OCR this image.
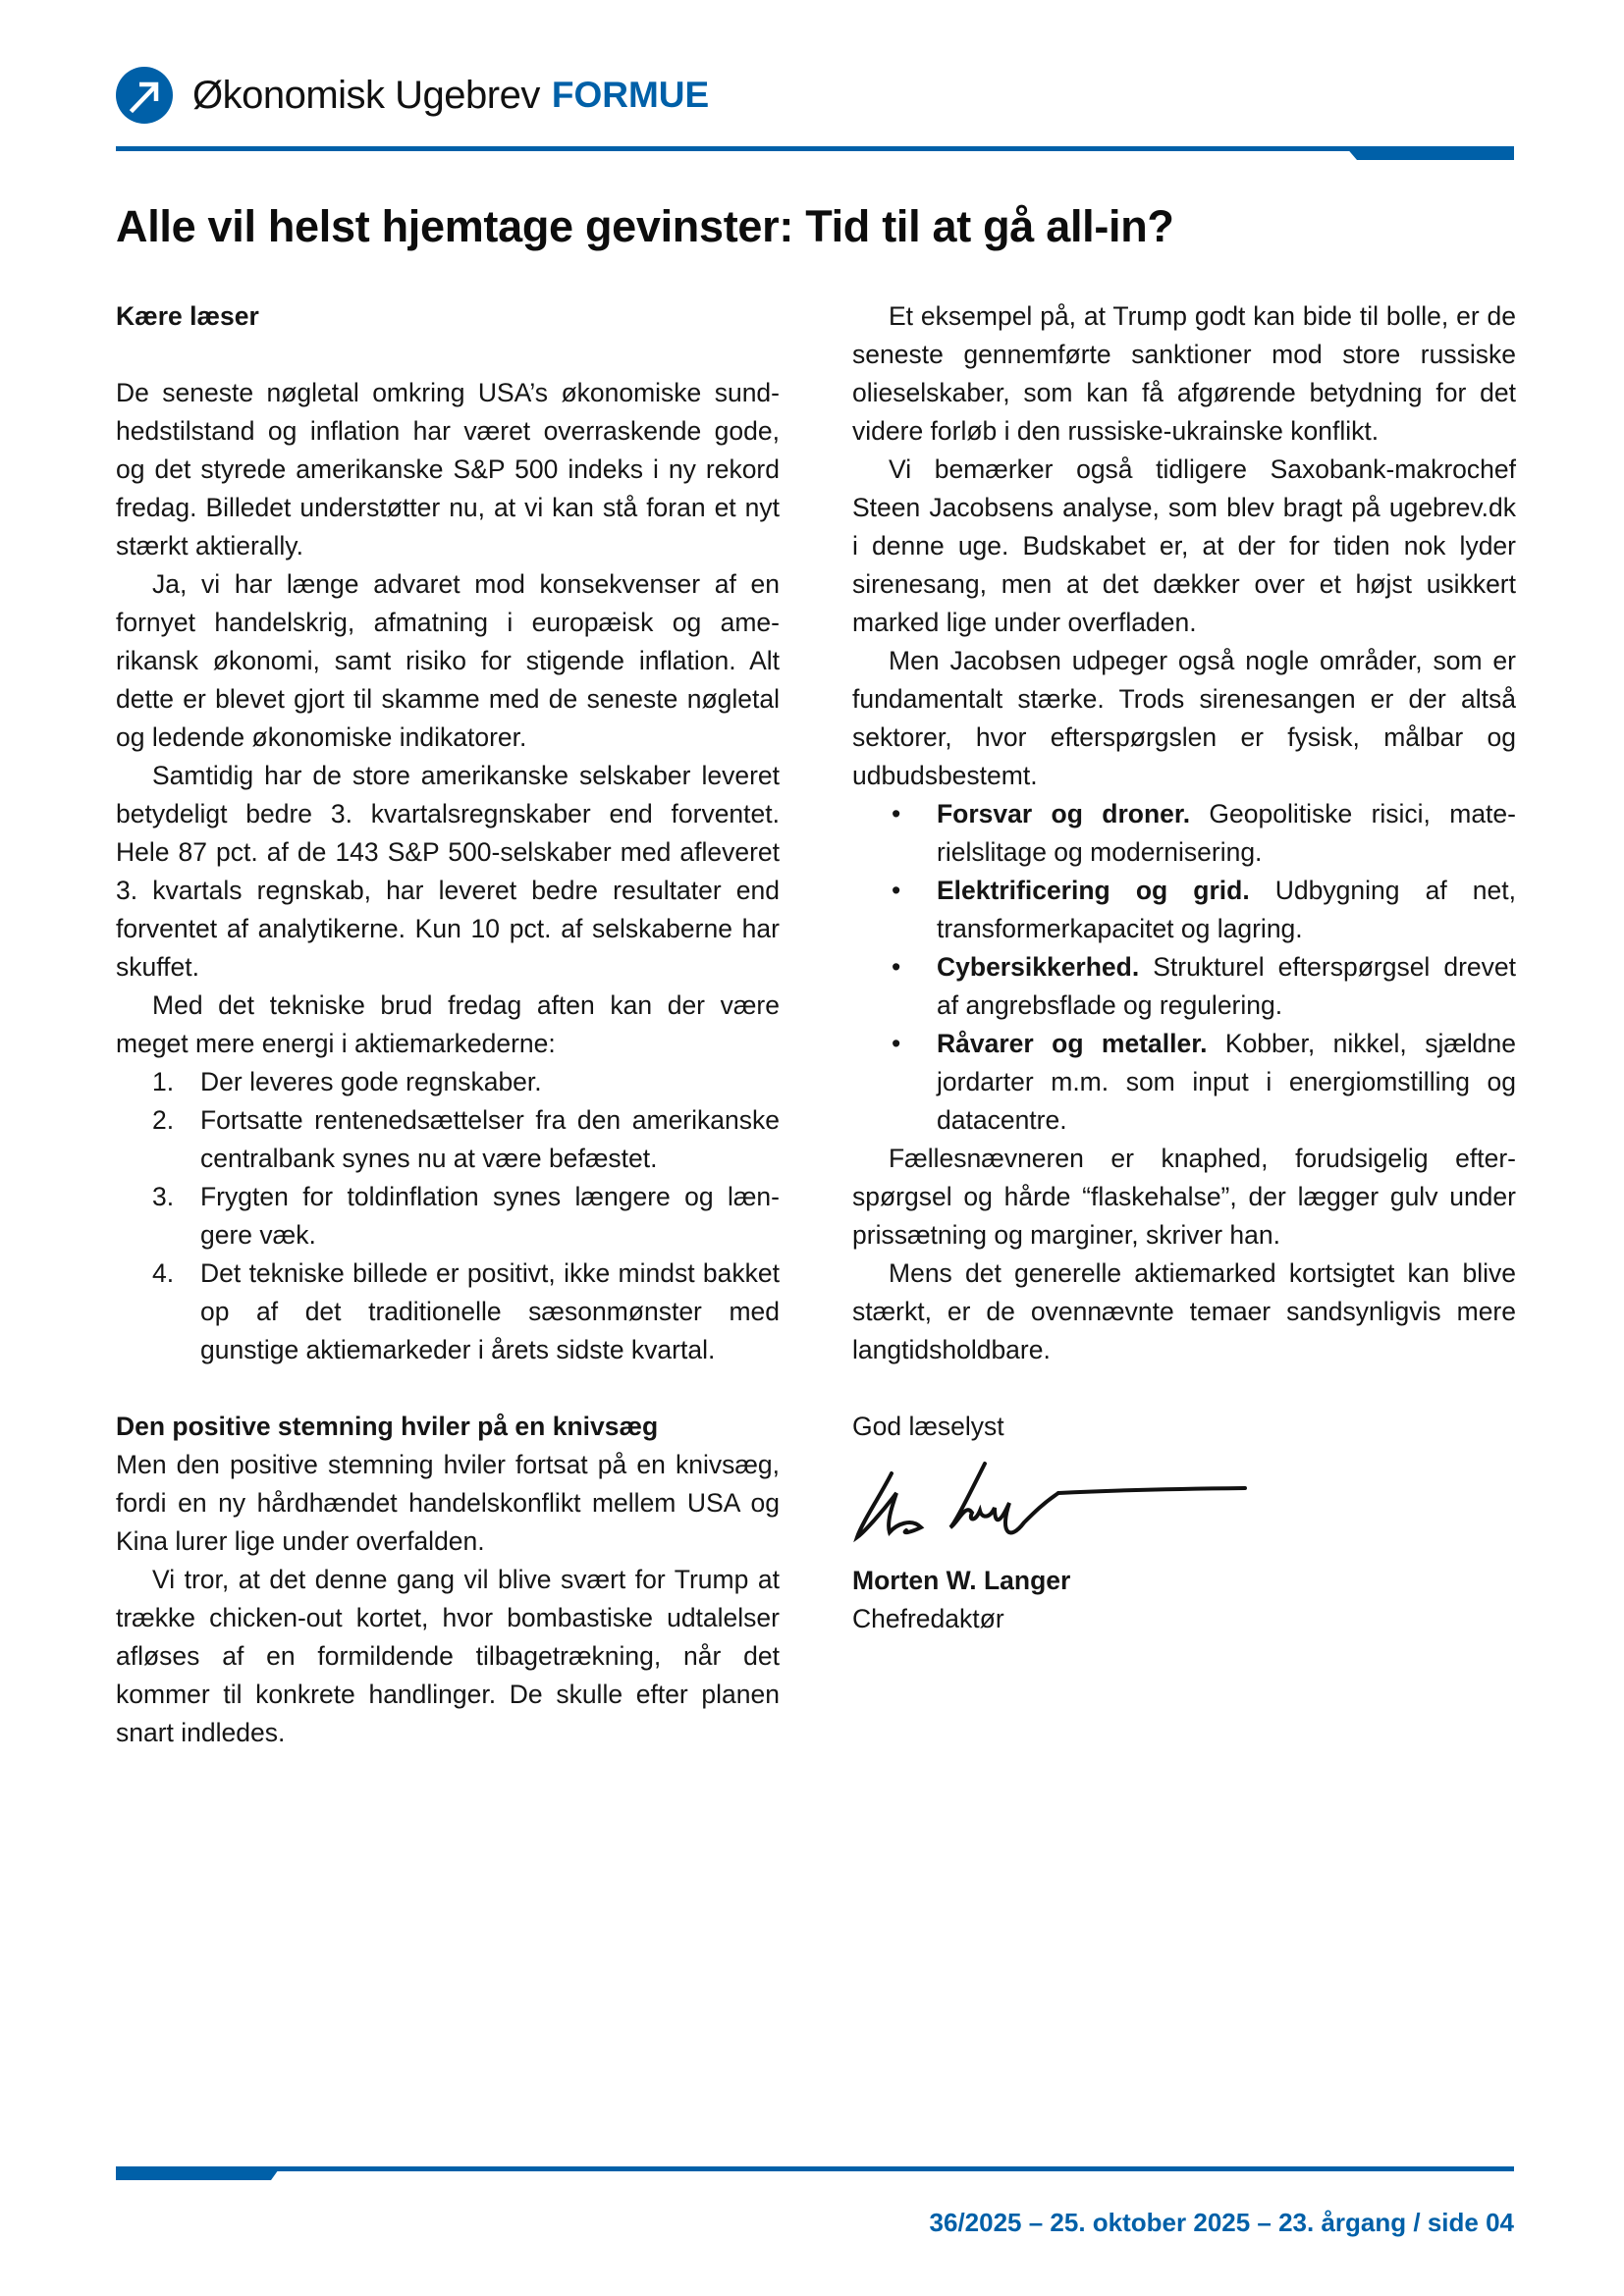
Økonomisk Ugebrev FORMUE
Alle vil helst hjemtage gevinster: Tid til at gå all-in?

Kære læser

De seneste nøgletal omkring USA’s økonomiske sundhedstilstand og inflation har været overraskende gode, og det styrede amerikanske S&P 500 indeks i ny rekord fredag. Billedet understøtter nu, at vi kan stå foran et nyt stærkt aktierally.

Ja, vi har længe advaret mod konsekvenser af en fornyet handelskrig, afmatning i europæisk og amerikansk økonomi, samt risiko for stigende inflation. Alt dette er blevet gjort til skamme med de seneste nøgletal og ledende økonomiske indikatorer.

Samtidig har de store amerikanske selskaber leveret betydeligt bedre 3. kvartalsregnskaber end forventet. Hele 87 pct. af de 143 S&P 500-selskaber med afleveret 3. kvartals regnskab, har leveret bedre resultater end forventet af analytikerne. Kun 10 pct. af selskaberne har skuffet.

Med det tekniske brud fredag aften kan der være meget mere energi i aktiemarkederne:

1. Der leveres gode regnskaber.
2. Fortsatte rentenedsættelser fra den amerikanske centralbank synes nu at være befæstet.
3. Frygten for toldinflation synes længere og længere væk.
4. Det tekniske billede er positivt, ikke mindst bakket op af det traditionelle sæsonmønster med gunstige aktiemarkeder i årets sidste kvartal.

Den positive stemning hviler på en knivsæg

Men den positive stemning hviler fortsat på en knivsæg, fordi en ny hårdhændet handelskonflikt mellem USA og Kina lurer lige under overfalden.

Vi tror, at det denne gang vil blive svært for Trump at trække chicken-out kortet, hvor bombastiske udtalelser afløses af en formildende tilbagetrækning, når det kommer til konkrete handlinger. De skulle efter planen snart indledes.

Et eksempel på, at Trump godt kan bide til bolle, er de seneste gennemførte sanktioner mod store russiske olieselskaber, som kan få afgørende betydning for det videre forløb i den russiske-ukrainske konflikt.

Vi bemærker også tidligere Saxobank-makrochef Steen Jacobsens analyse, som blev bragt på ugebrev.dk i denne uge. Budskabet er, at der for tiden nok lyder sirenesang, men at det dækker over et højst usikkert marked lige under overfladen.

Men Jacobsen udpeger også nogle områder, som er fundamentalt stærke. Trods sirenesangen er der altså sektorer, hvor efterspørgslen er fysisk, målbar og udbudsbestemt.

• Forsvar og droner. Geopolitiske risici, materielslitage og modernisering.
• Elektrificering og grid. Udbygning af net, transformerkapacitet og lagring.
• Cybersikkerhed. Strukturel efterspørgsel drevet af angrebsflade og regulering.
• Råvarer og metaller. Kobber, nikkel, sjældne jordarter m.m. som input i energiomstilling og datacentre.

Fællesnævneren er knaphed, forudsigelig efterspørgsel og hårde “flaskehalse”, der lægger gulv under prissætning og marginer, skriver han.

Mens det generelle aktiemarked kortsigtet kan blive stærkt, er de ovennævnte temaer sandsynligvis mere langtidsholdbare.

God læselyst

Morten W. Langer

Chefredaktør

36/2025 – 25. oktober 2025 – 23. årgang / side 04
